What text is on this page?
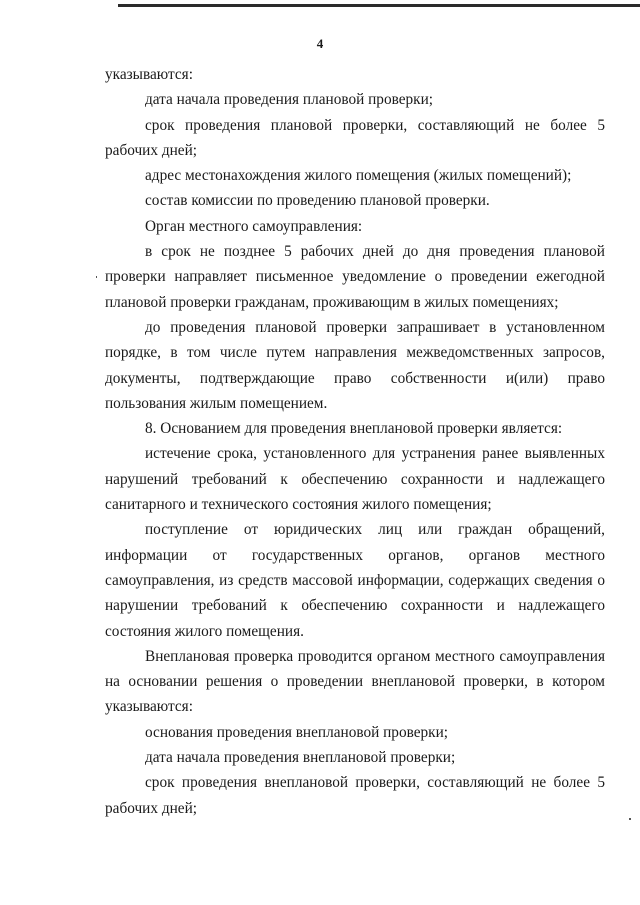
4

указываются:

дата начала проведения плановой проверки;

срок проведения плановой проверки, составляющий не более 5 рабочих дней;

адрес местонахождения жилого помещения (жилых помещений);

состав комиссии по проведению плановой проверки.

Орган местного самоуправления:

в срок не позднее 5 рабочих дней до дня проведения плановой проверки направляет письменное уведомление о проведении ежегодной плановой проверки гражданам, проживающим в жилых помещениях;

до проведения плановой проверки запрашивает в установленном порядке, в том числе путем направления межведомственных запросов, документы, подтверждающие право собственности и(или) право пользования жилым помещением.

8. Основанием для проведения внеплановой проверки является:

истечение срока, установленного для устранения ранее выявленных нарушений требований к обеспечению сохранности и надлежащего санитарного и технического состояния жилого помещения;

поступление от юридических лиц или граждан обращений, информации от государственных органов, органов местного самоуправления, из средств массовой информации, содержащих сведения о нарушении требований к обеспечению сохранности и надлежащего состояния жилого помещения.

Внеплановая проверка проводится органом местного самоуправления на основании решения о проведении внеплановой проверки, в котором указываются:

основания проведения внеплановой проверки;

дата начала проведения внеплановой проверки;

срок проведения внеплановой проверки, составляющий не более 5 рабочих дней;
